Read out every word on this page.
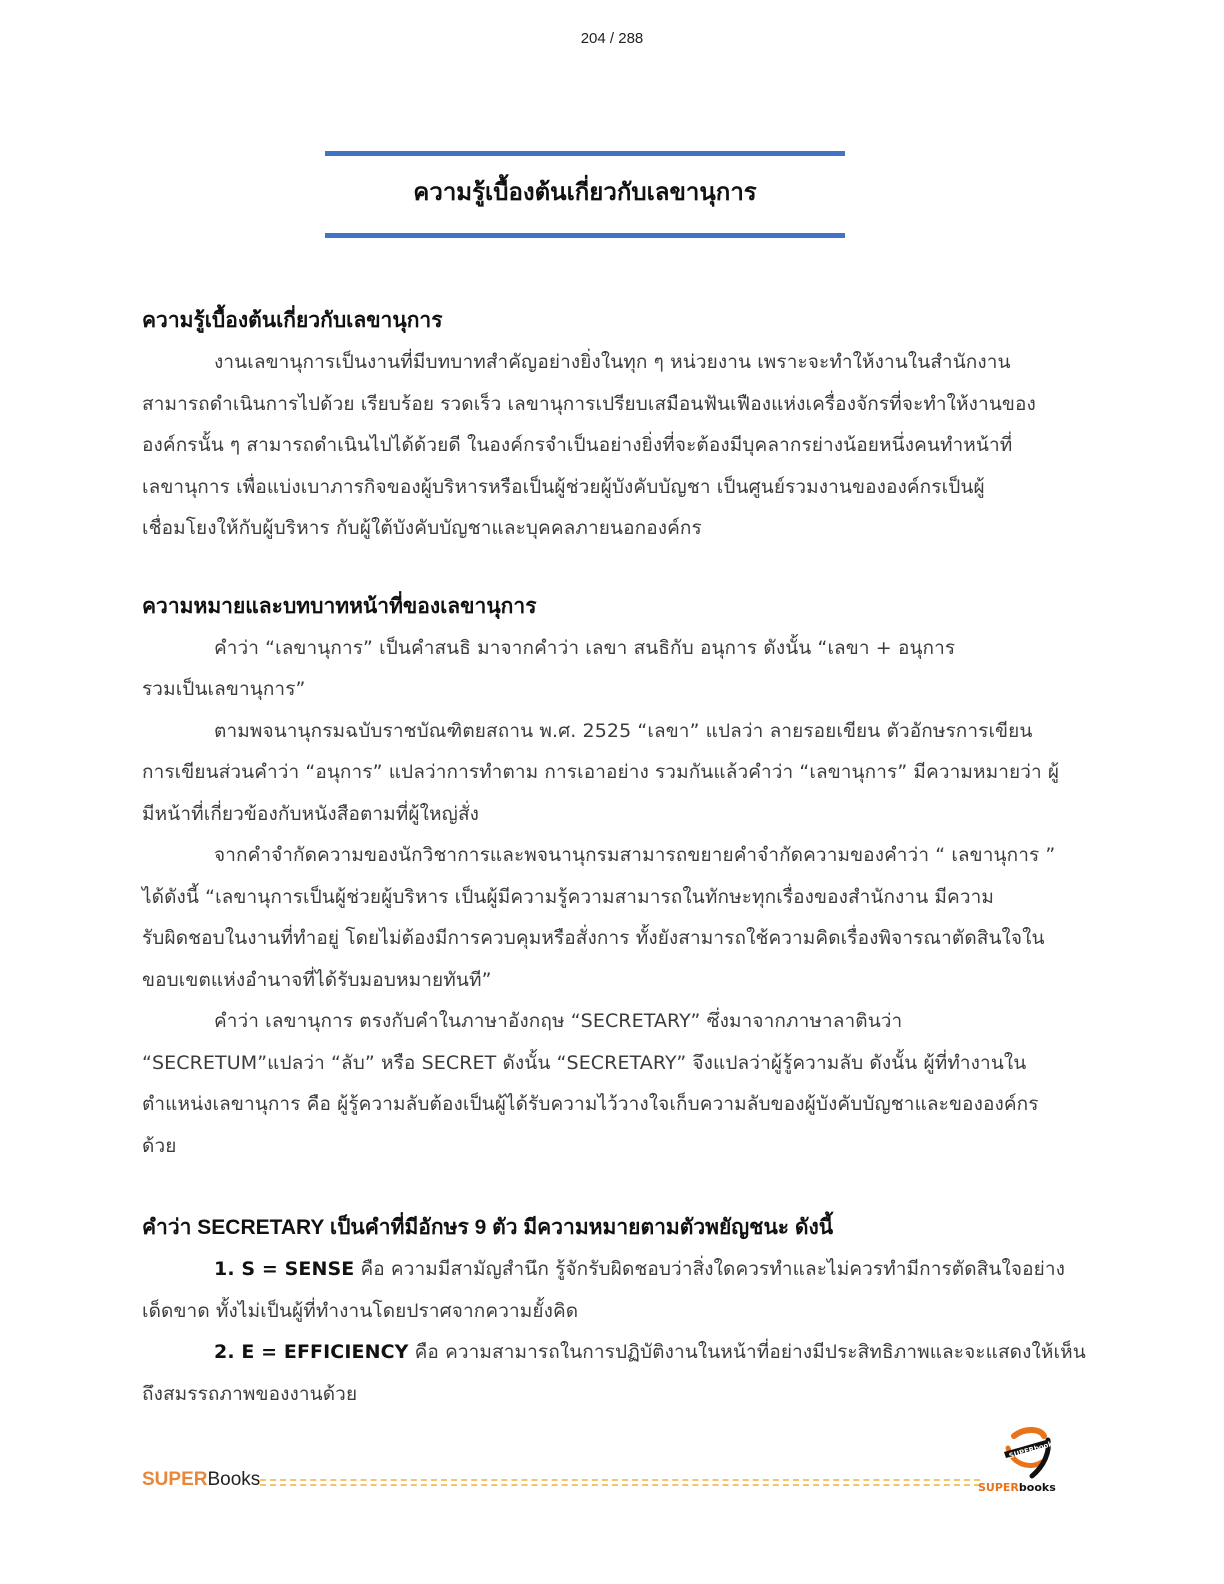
204 / 288
ความรู้เบื้องต้นเกี่ยวกับเลขานุการ
ความรู้เบื้องต้นเกี่ยวกับเลขานุการ

งานเลขานุการเป็นงานที่มีบทบาทสำคัญอย่างยิ่งในทุก ๆ หน่วยงาน เพราะจะทำให้งานในสำนักงาน
สามารถดำเนินการไปด้วย เรียบร้อย รวดเร็ว เลขานุการเปรียบเสมือนฟันเฟืองแห่งเครื่องจักรที่จะทำให้งานของ
องค์กรนั้น ๆ สามารถดำเนินไปได้ด้วยดี ในองค์กรจำเป็นอย่างยิ่งที่จะต้องมีบุคลากรย่างน้อยหนึ่งคนทำหน้าที่
เลขานุการ เพื่อแบ่งเบาภารกิจของผู้บริหารหรือเป็นผู้ช่วยผู้บังคับบัญชา เป็นศูนย์รวมงานขององค์กรเป็นผู้
เชื่อมโยงให้กับผู้บริหาร กับผู้ใต้บังคับบัญชาและบุคคลภายนอกองค์กร

ความหมายและบทบาทหน้าที่ของเลขานุการ

คำว่า “เลขานุการ” เป็นคำสนธิ มาจากคำว่า เลขา สนธิกับ อนุการ ดังนั้น “เลขา + อนุการ
รวมเป็นเลขานุการ”

ตามพจนานุกรมฉบับราชบัณฑิตยสถาน พ.ศ. 2525 “เลขา” แปลว่า ลายรอยเขียน ตัวอักษรการเขียน
การเขียนส่วนคำว่า “อนุการ” แปลว่าการทำตาม การเอาอย่าง รวมกันแล้วคำว่า “เลขานุการ” มีความหมายว่า ผู้
มีหน้าที่เกี่ยวข้องกับหนังสือตามที่ผู้ใหญ่สั่ง

จากคำจำกัดความของนักวิชาการและพจนานุกรมสามารถขยายคำจำกัดความของคำว่า “ เลขานุการ ”
ได้ดังนี้ “เลขานุการเป็นผู้ช่วยผู้บริหาร เป็นผู้มีความรู้ความสามารถในทักษะทุกเรื่องของสำนักงาน มีความ
รับผิดชอบในงานที่ทำอยู่ โดยไม่ต้องมีการควบคุมหรือสั่งการ ทั้งยังสามารถใช้ความคิดเรื่องพิจารณาตัดสินใจใน
ขอบเขตแห่งอำนาจที่ได้รับมอบหมายทันที”

คำว่า เลขานุการ ตรงกับคำในภาษาอังกฤษ “SECRETARY” ซึ่งมาจากภาษาลาตินว่า
“SECRETUM”แปลว่า “ลับ” หรือ SECRET ดังนั้น “SECRETARY” จึงแปลว่าผู้รู้ความลับ ดังนั้น ผู้ที่ทำงานใน
ตำแหน่งเลขานุการ คือ ผู้รู้ความลับต้องเป็นผู้ได้รับความไว้วางใจเก็บความลับของผู้บังคับบัญชาและขององค์กร
ด้วย

คำว่า SECRETARY เป็นคำที่มีอักษร 9 ตัว มีความหมายตามตัวพยัญชนะ ดังนี้

1. S = SENSE คือ ความมีสามัญสำนึก รู้จักรับผิดชอบว่าสิ่งใดควรทำและไม่ควรทำมีการตัดสินใจอย่าง
เด็ดขาด ทั้งไม่เป็นผู้ที่ทำงานโดยปราศจากความยั้งคิด

2. E = EFFICIENCY คือ ความสามารถในการปฏิบัติงานในหน้าที่อย่างมีประสิทธิภาพและจะแสดงให้เห็น
ถึงสมรรถภาพของงานด้วย

SUPERBooks
SUPERbooks
SUPERbooks
